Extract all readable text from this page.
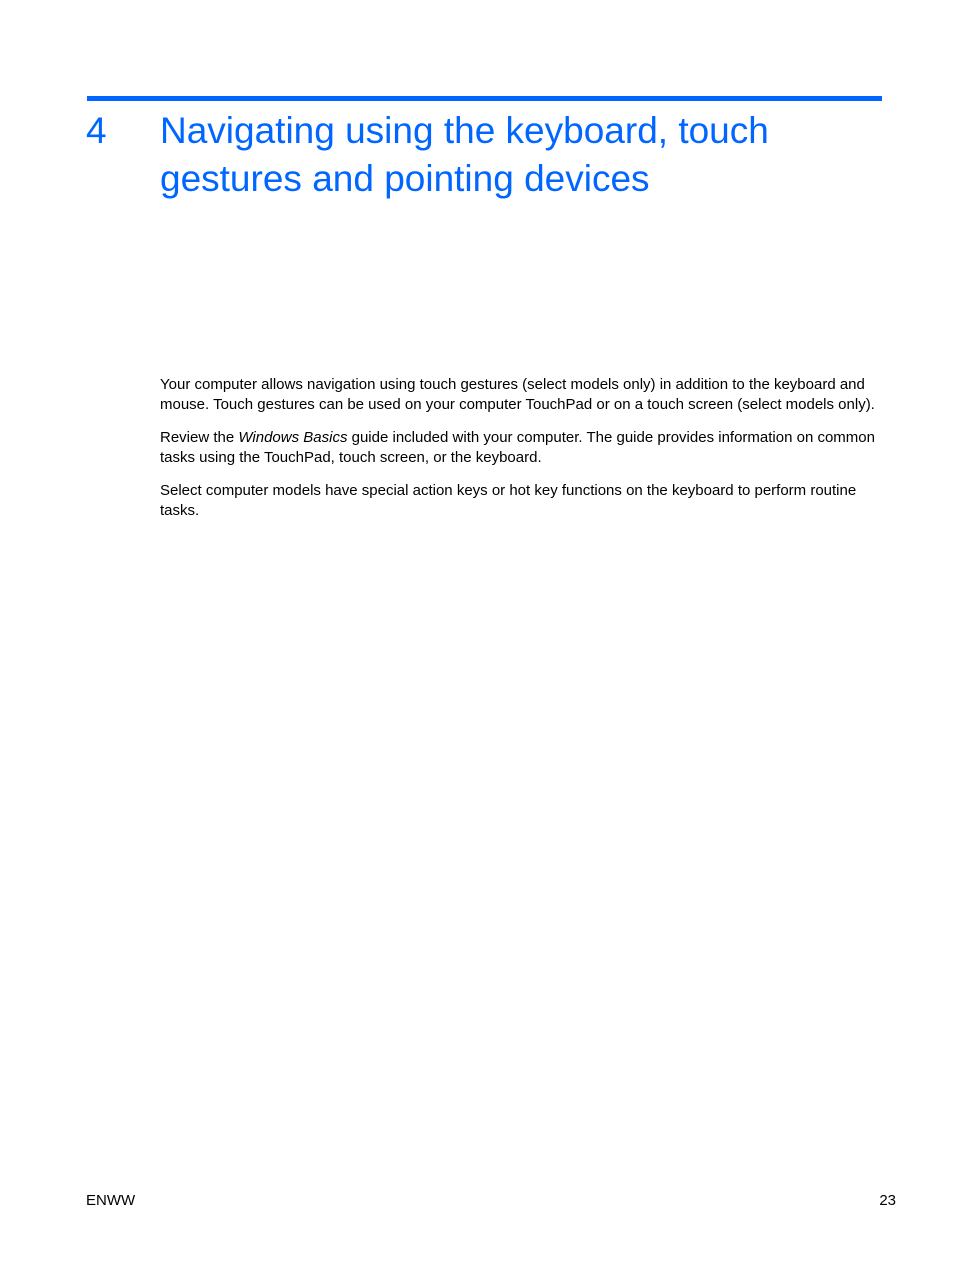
4 Navigating using the keyboard, touch gestures and pointing devices

Your computer allows navigation using touch gestures (select models only) in addition to the keyboard and mouse. Touch gestures can be used on your computer TouchPad or on a touch screen (select models only).

Review the Windows Basics guide included with your computer. The guide provides information on common tasks using the TouchPad, touch screen, or the keyboard.

Select computer models have special action keys or hot key functions on the keyboard to perform routine tasks.

ENWW	23
